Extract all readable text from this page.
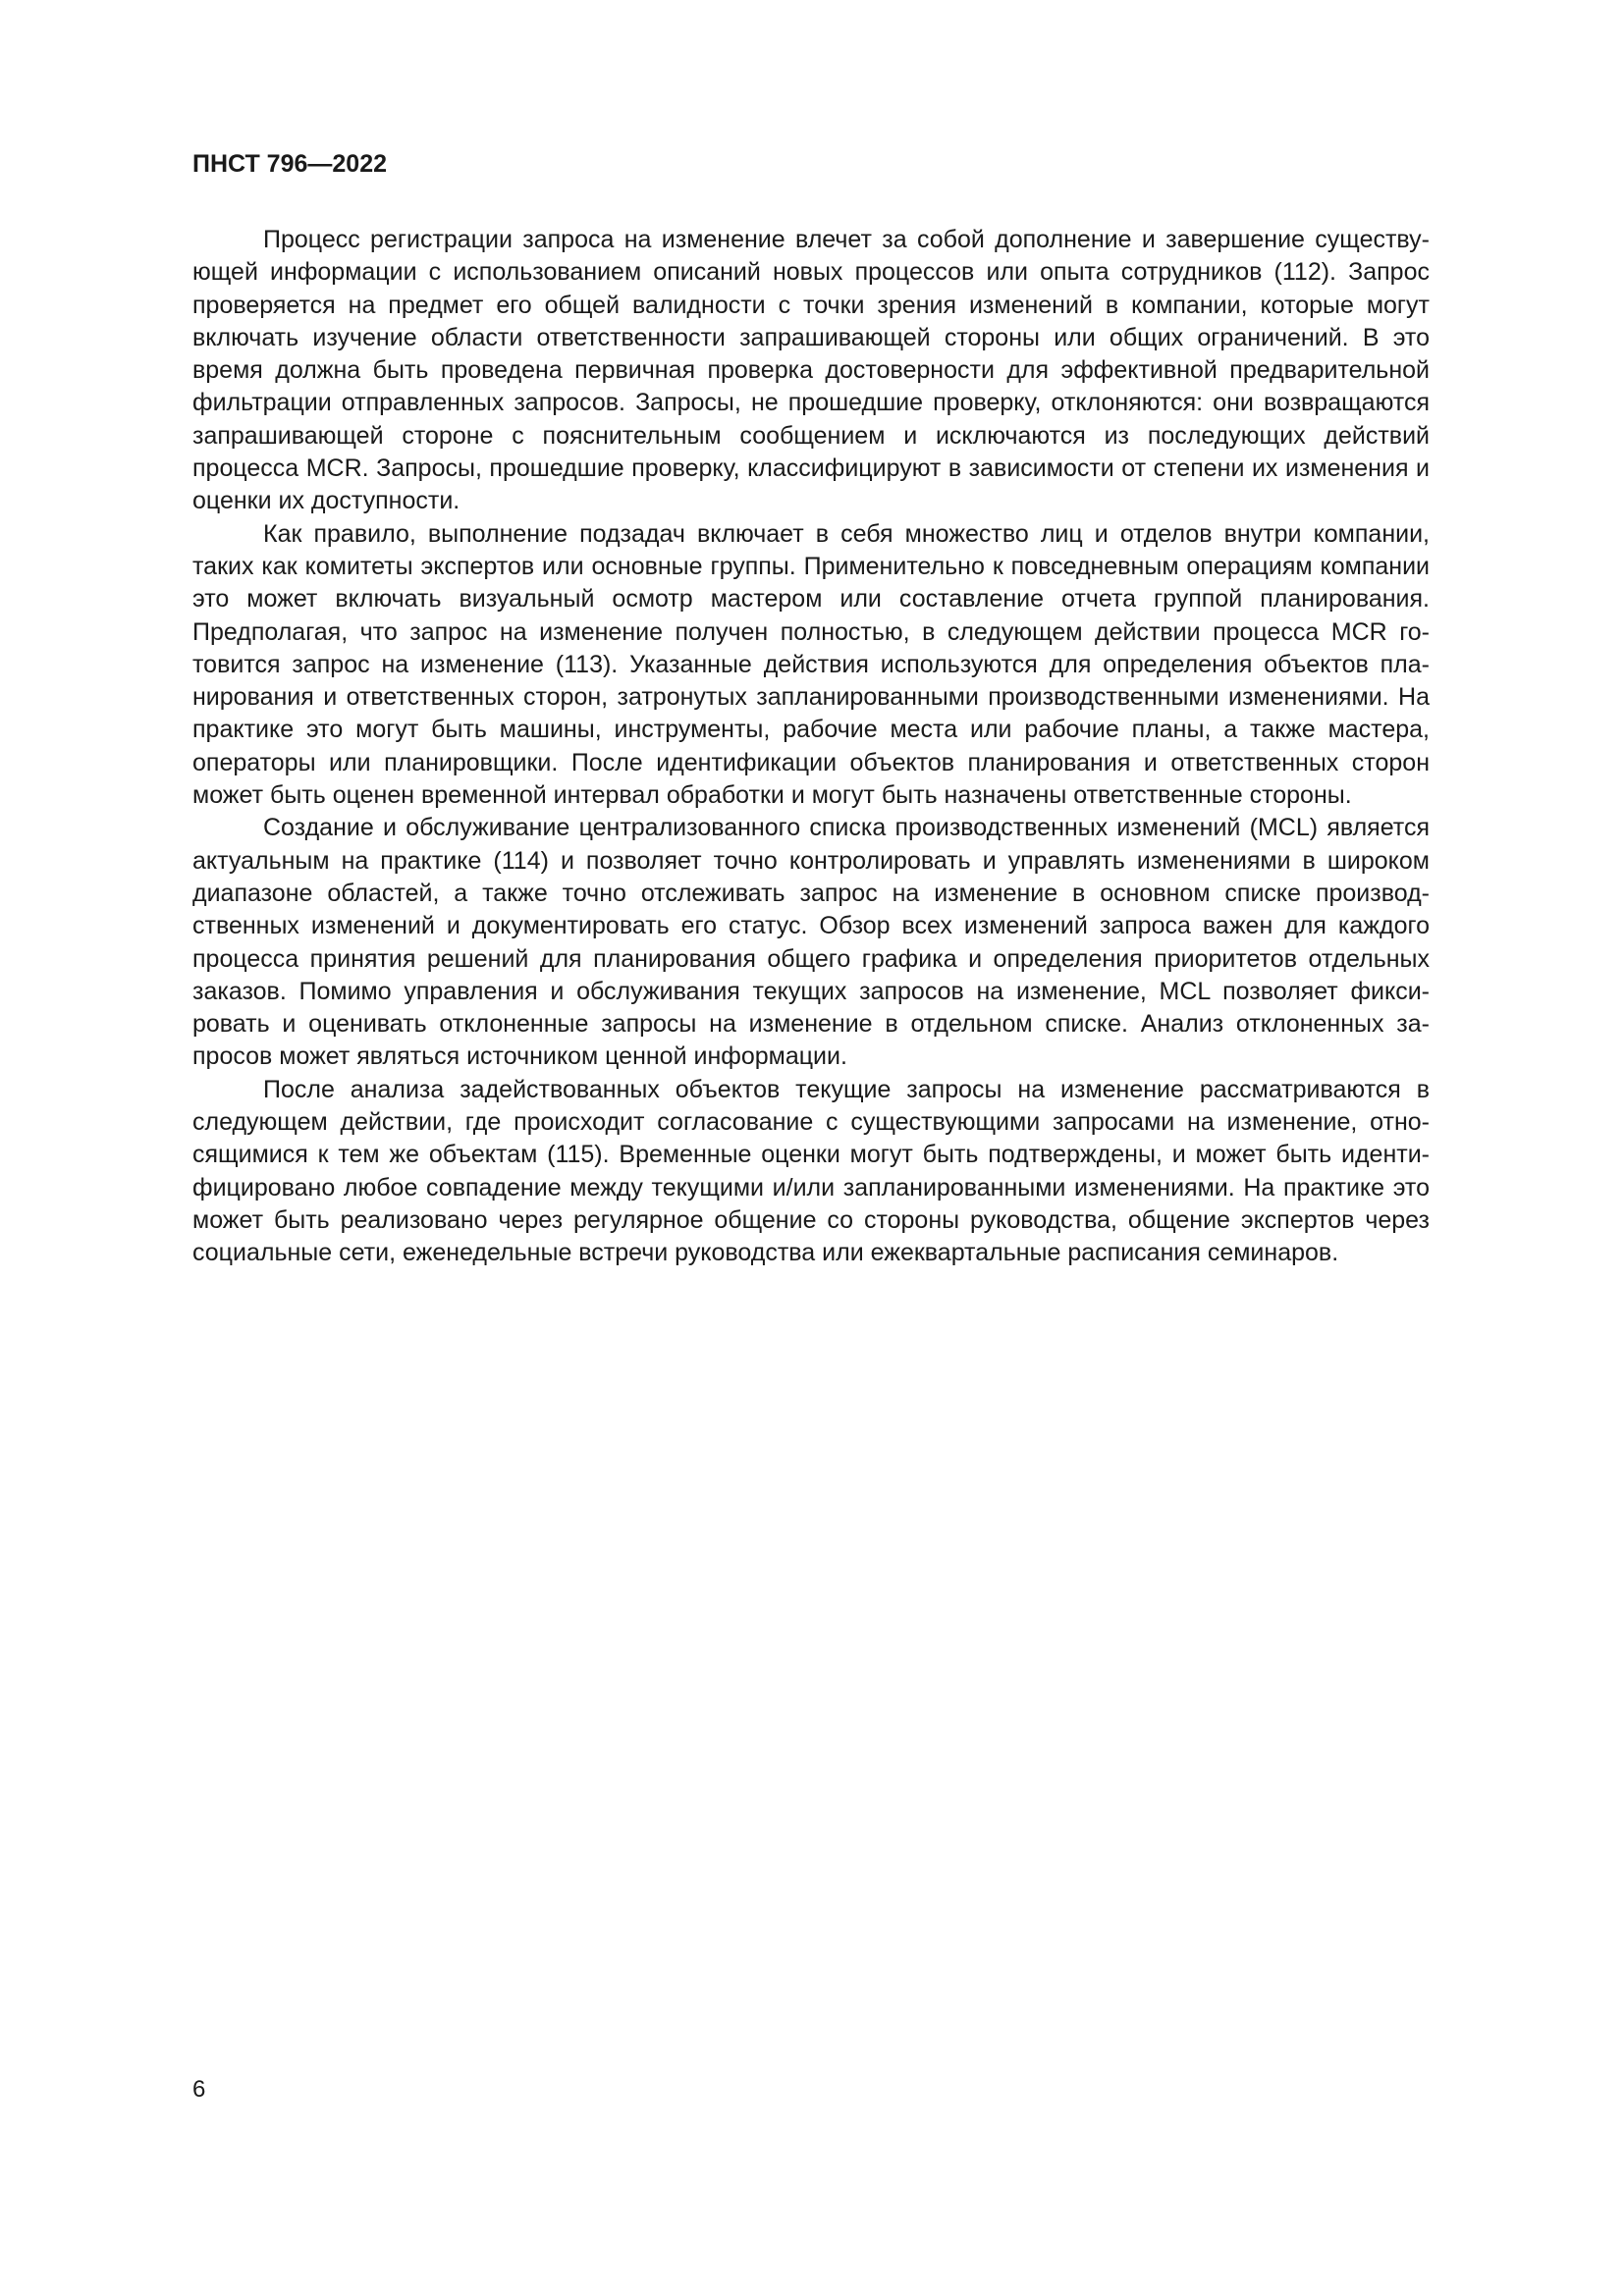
ПНСТ 796—2022

Процесс регистрации запроса на изменение влечет за собой дополнение и завершение существующей информации с использованием описаний новых процессов или опыта сотрудников (112). Запрос проверяется на предмет его общей валидности с точки зрения изменений в компании, которые могут включать изучение области ответственности запрашивающей стороны или общих ограничений. В это время должна быть проведена первичная проверка достоверности для эффективной предварительной фильтрации отправленных запросов. Запросы, не прошедшие проверку, отклоняются: они возвращаются запрашивающей стороне с пояснительным сообщением и исключаются из последующих действий процесса MCR. Запросы, прошедшие проверку, классифицируют в зависимости от степени их изменения и оценки их доступности.

Как правило, выполнение подзадач включает в себя множество лиц и отделов внутри компании, таких как комитеты экспертов или основные группы. Применительно к повседневным операциям компании это может включать визуальный осмотр мастером или составление отчета группой планирования. Предполагая, что запрос на изменение получен полностью, в следующем действии процесса MCR готовится запрос на изменение (113). Указанные действия используются для определения объектов планирования и ответственных сторон, затронутых запланированными производственными изменениями. На практике это могут быть машины, инструменты, рабочие места или рабочие планы, а также мастера, операторы или планировщики. После идентификации объектов планирования и ответственных сторон может быть оценен временной интервал обработки и могут быть назначены ответственные стороны.

Создание и обслуживание централизованного списка производственных изменений (MCL) является актуальным на практике (114) и позволяет точно контролировать и управлять изменениями в широком диапазоне областей, а также точно отслеживать запрос на изменение в основном списке производственных изменений и документировать его статус. Обзор всех изменений запроса важен для каждого процесса принятия решений для планирования общего графика и определения приоритетов отдельных заказов. Помимо управления и обслуживания текущих запросов на изменение, MCL позволяет фиксировать и оценивать отклоненные запросы на изменение в отдельном списке. Анализ отклоненных запросов может являться источником ценной информации.

После анализа задействованных объектов текущие запросы на изменение рассматриваются в следующем действии, где происходит согласование с существующими запросами на изменение, относящимися к тем же объектам (115). Временные оценки могут быть подтверждены, и может быть идентифицировано любое совпадение между текущими и/или запланированными изменениями. На практике это может быть реализовано через регулярное общение со стороны руководства, общение экспертов через социальные сети, еженедельные встречи руководства или ежеквартальные расписания семинаров.

6
